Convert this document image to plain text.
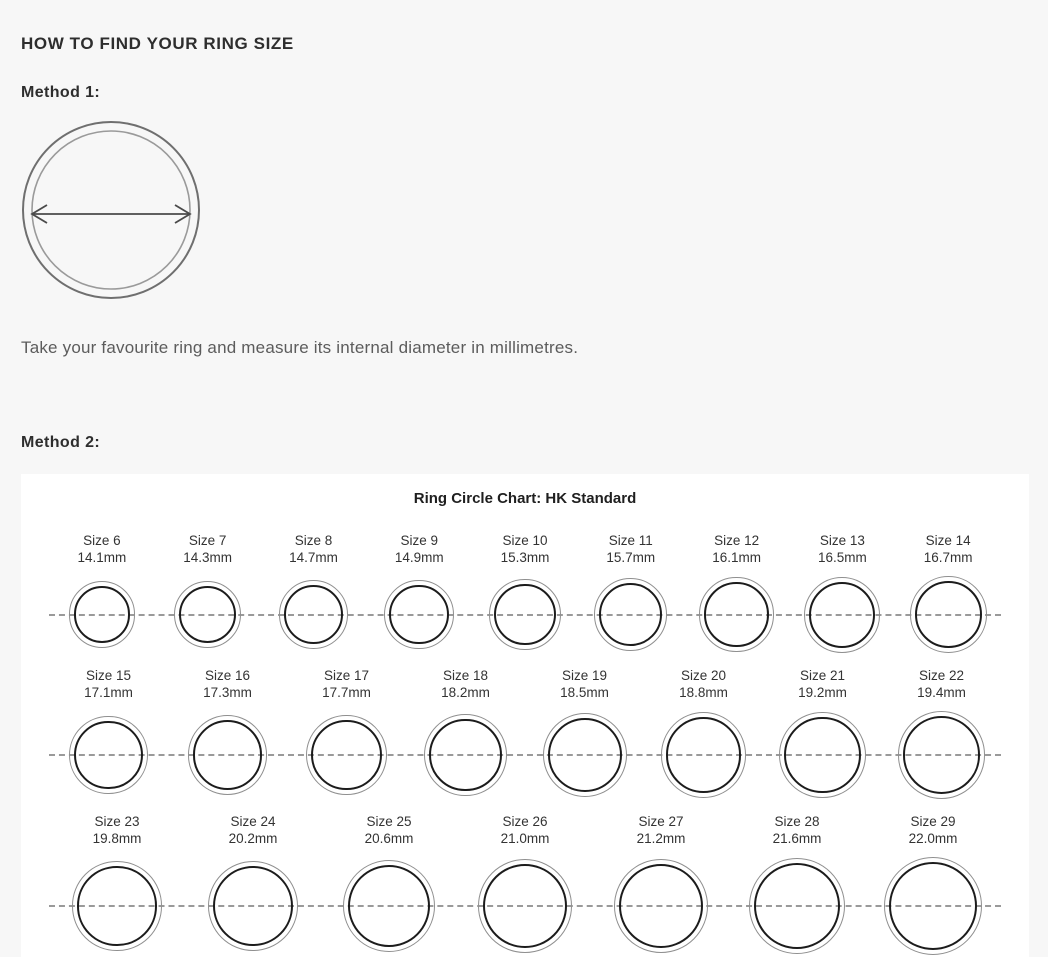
HOW TO FIND YOUR RING SIZE
Method 1:

Take your favourite ring and measure its internal diameter in millimetres.

Method 2:

Ring Circle Chart: HK Standard

Size 6
14.1mm
Size 7
14.3mm
Size 8
14.7mm
Size 9
14.9mm
Size 10
15.3mm
Size 11
15.7mm
Size 12
16.1mm
Size 13
16.5mm
Size 14
16.7mm
Size 15
17.1mm
Size 16
17.3mm
Size 17
17.7mm
Size 18
18.2mm
Size 19
18.5mm
Size 20
18.8mm
Size 21
19.2mm
Size 22
19.4mm
Size 23
19.8mm
Size 24
20.2mm
Size 25
20.6mm
Size 26
21.0mm
Size 27
21.2mm
Size 28
21.6mm
Size 29
22.0mm
